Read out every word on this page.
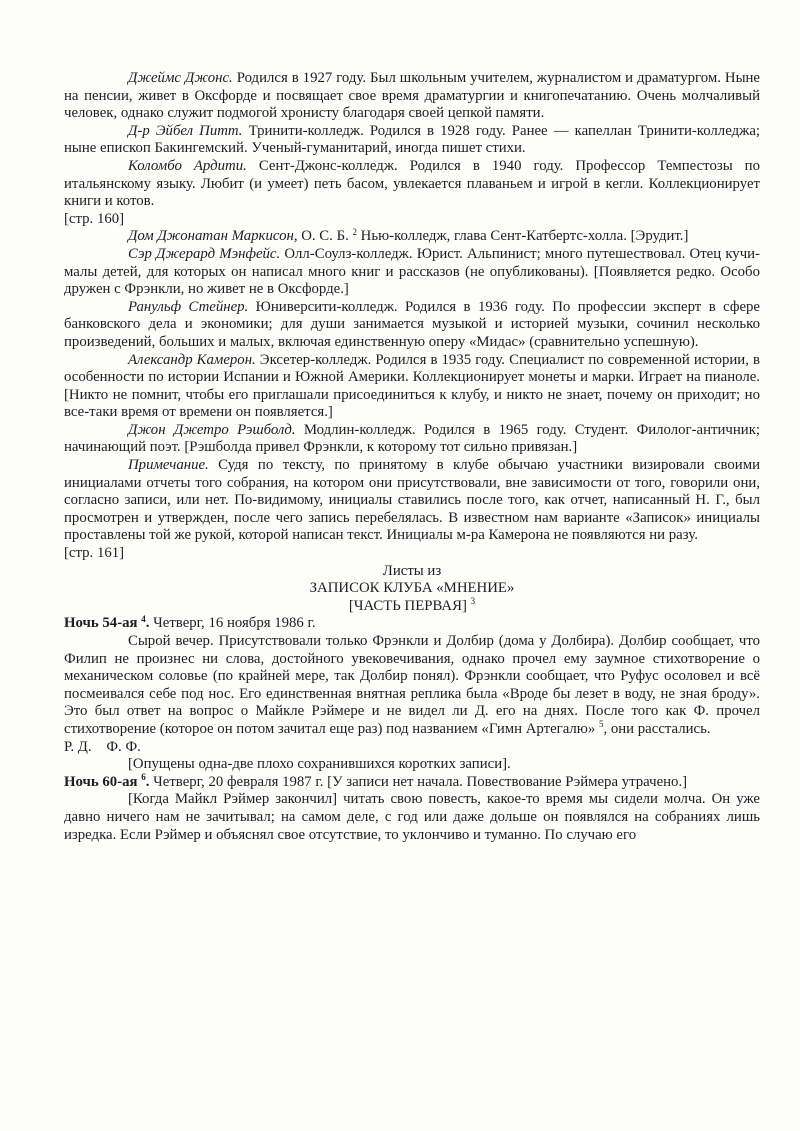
Джеймс Джонс. Родился в 1927 году. Был школьным учителем, журналистом и драматургом. Ныне на пенсии, живет в Оксфорде и посвящает свое время драматургии и книгопечатанию. Очень молчаливый человек, однако служит подмогой хронисту благодаря своей цепкой памяти.

Д-р Эйбел Питт. Тринити-колледж. Родился в 1928 году. Ранее — капеллан Тринити-колледжа; ныне епископ Бакингемский. Ученый-гуманитарий, иногда пишет стихи.

Коломбо Ардити. Сент-Джонс-колледж. Родился в 1940 году. Профессор Темпестозы по итальянскому языку. Любит (и умеет) петь басом, увлекается плаваньем и игрой в кегли. Коллекционирует книги и котов.

[стр. 160]

Дом Джонатан Маркисон, О. С. Б. $^2$ Нью-колледж, глава Сент-Катбертс-холла. [Эрудит.]

Сэр Джерард Мэнфейс. Олл-Соулз-колледж. Юрист. Альпинист; много путешествовал. Отец кучи-малы детей, для которых он написал много книг и рассказов (не опубликованы). [Появляется редко. Особо дружен с Фрэнкли, но живет не в Оксфорде.]

Ранульф Стейнер. Юниверсити-колледж. Родился в 1936 году. По профессии эксперт в сфере банковского дела и экономики; для души занимается музыкой и историей музыки, сочинил несколько произведений, больших и малых, включая единственную оперу «Мидас» (сравнительно успешную).

Александр Камерон. Эксетер-колледж. Родился в 1935 году. Специалист по современной истории, в особенности по истории Испании и Южной Америки. Коллекционирует монеты и марки. Играет на пианоле. [Никто не помнит, чтобы его приглашали присоединиться к клубу, и никто не знает, почему он приходит; но все-таки время от времени он появляется.]

Джон Джетро Рэшболд. Модлин-колледж. Родился в 1965 году. Студент. Филолог-античник; начинающий поэт. [Рэшболда привел Фрэнкли, к которому тот сильно привязан.]

Примечание. Судя по тексту, по принятому в клубе обычаю участники визировали своими инициалами отчеты того собрания, на котором они присутствовали, вне зависимости от того, говорили они, согласно записи, или нет. По-видимому, инициалы ставились после того, как отчет, написанный Н. Г., был просмотрен и утвержден, после чего запись перебелялась. В известном нам варианте «Записок» инициалы проставлены той же рукой, которой написан текст. Инициалы м-ра Камерона не появляются ни разу.

[стр. 161]

Листы из

ЗАПИСОК КЛУБА «МНЕНИЕ»

[ЧАСТЬ ПЕРВАЯ] $^3$

Ночь 54-ая $^4$. Четверг, 16 ноября 1986 г.

Сырой вечер. Присутствовали только Фрэнкли и Долбир (дома у Долбира). Долбир сообщает, что Филип не произнес ни слова, достойного увековечивания, однако прочел ему заумное стихотворение о механическом соловье (по крайней мере, так Долбир понял). Фрэнкли сообщает, что Руфус осоловел и всё посмеивался себе под нос. Его единственная внятная реплика была «Вроде бы лезет в воду, не зная броду». Это был ответ на вопрос о Майкле Рэймере и не видел ли Д. его на днях. После того как Ф. прочел стихотворение (которое он потом зачитал еще раз) под названием «Гимн Артегалю» $^5$, они расстались.

Р. Д.    Ф. Ф.

[Опущены одна-две плохо сохранившихся коротких записи].

Ночь 60-ая $^6$. Четверг, 20 февраля 1987 г. [У записи нет начала. Повествование Рэймера утрачено.]

[Когда Майкл Рэймер закончил] читать свою повесть, какое-то время мы сидели молча. Он уже давно ничего нам не зачитывал; на самом деле, с год или даже дольше он появлялся на собраниях лишь изредка. Если Рэймер и объяснял свое отсутствие, то уклончиво и туманно. По случаю его
